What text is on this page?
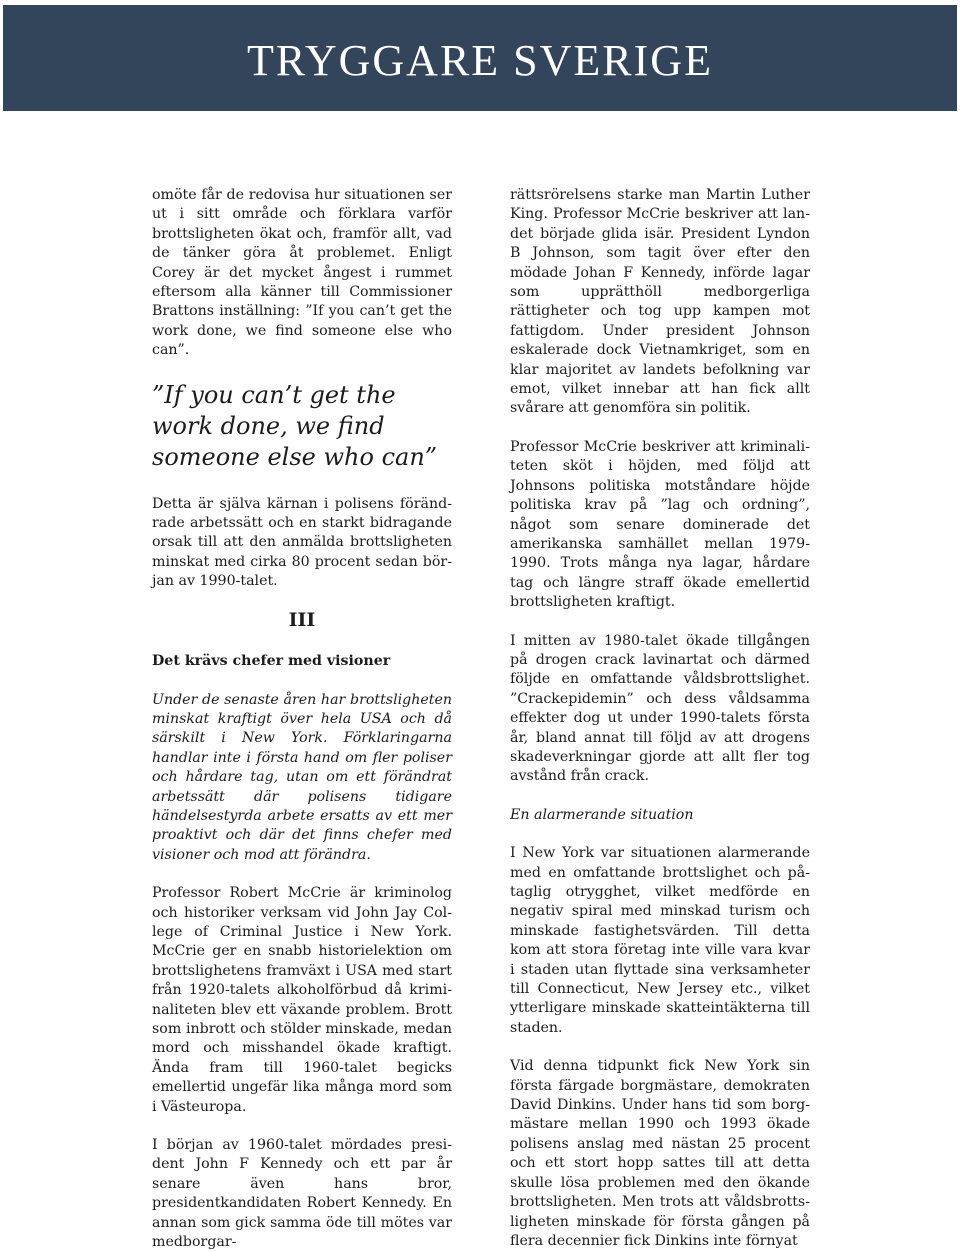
TRYGGARE SVERIGE

omöte får de redovisa hur situationen ser ut i sitt område och förklara varför brottsligheten ökat och, framför allt, vad de tänker göra åt problemet. Enligt Corey är det mycket ångest i rummet eftersom alla känner till Commissioner Brattons inställning: ”If you can’t get the work done, we find someone else who can”.

”If you can’t get the work done, we find someone else who can”

Detta är själva kärnan i polisens förändrade arbetssätt och en starkt bidragande orsak till att den anmälda brottsligheten minskat med cirka 80 procent sedan början av 1990-talet.

III

Det krävs chefer med visioner

Under de senaste åren har brottsligheten minskat kraftigt över hela USA och då särskilt i New York. Förklaringarna handlar inte i första hand om fler poliser och hårdare tag, utan om ett förändrat arbetssätt där polisens tidigare händelsestyrda arbete ersatts av ett mer proaktivt och där det finns chefer med visioner och mod att förändra.

Professor Robert McCrie är kriminolog och historiker verksam vid John Jay College of Criminal Justice i New York. McCrie ger en snabb historielektion om brottslighetens framväxt i USA med start från 1920-talets alkoholförbud då kriminaliteten blev ett växande problem. Brott som inbrott och stölder minskade, medan mord och misshandel ökade kraftigt. Ända fram till 1960-talet begicks emellertid ungefär lika många mord som i Västeuropa.

I början av 1960-talet mördades president John F Kennedy och ett par år senare även hans bror, presidentkandidaten Robert Kennedy. En annan som gick samma öde till mötes var medborgar-

rättsrörelsens starke man Martin Luther King. Professor McCrie beskriver att landet började glida isär. President Lyndon B Johnson, som tagit över efter den mödade Johan F Kennedy, införde lagar som upprätthöll medborgerliga rättigheter och tog upp kampen mot fattigdom. Under president Johnson eskalerade dock Vietnamkriget, som en klar majoritet av landets befolkning var emot, vilket innebar att han fick allt svårare att genomföra sin politik.

Professor McCrie beskriver att kriminaliteten sköt i höjden, med följd att Johnsons politiska motståndare höjde politiska krav på ”lag och ordning”, något som senare dominerade det amerikanska samhället mellan 1979-1990. Trots många nya lagar, hårdare tag och längre straff ökade emellertid brottsligheten kraftigt.

I mitten av 1980-talet ökade tillgången på drogen crack lavinartat och därmed följde en omfattande våldsbrottslighet. ”Crackepidemin” och dess våldsamma effekter dog ut under 1990-talets första år, bland annat till följd av att drogens skadeverkningar gjorde att allt fler tog avstånd från crack.

En alarmerande situation

I New York var situationen alarmerande med en omfattande brottslighet och påtaglig otrygghet, vilket medförde en negativ spiral med minskad turism och minskade fastighetsvärden. Till detta kom att stora företag inte ville vara kvar i staden utan flyttade sina verksamheter till Connecticut, New Jersey etc., vilket ytterligare minskade skatteintäkterna till staden.

Vid denna tidpunkt fick New York sin första färgade borgmästare, demokraten David Dinkins. Under hans tid som borgmästare mellan 1990 och 1993 ökade polisens anslag med nästan 25 procent och ett stort hopp sattes till att detta skulle lösa problemen med den ökande brottsligheten. Men trots att våldsbrottsligheten minskade för första gången på flera decennier fick Dinkins inte förnyat
